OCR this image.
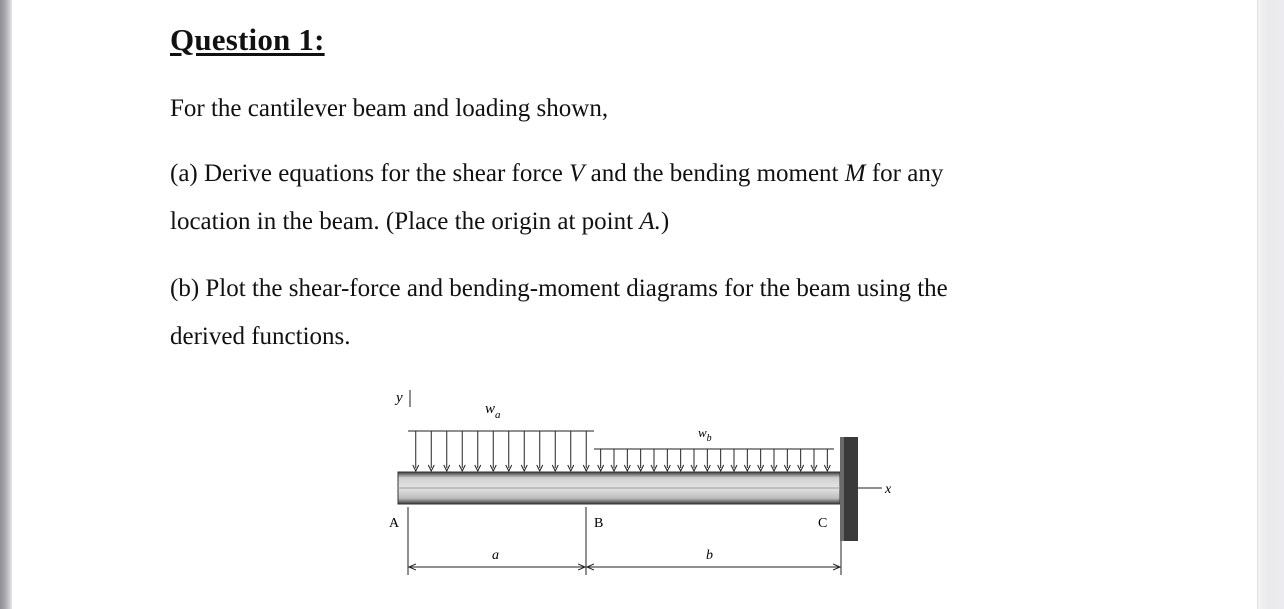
Question 1:

For the cantilever beam and loading shown,

(a) Derive equations for the shear force V and the bending moment M for any

location in the beam. (Place the origin at point A.)

(b) Plot the shear-force and bending-moment diagrams for the beam using the

derived functions.

y
$w_a$
$w_b$
x
A	B	C
a	b
